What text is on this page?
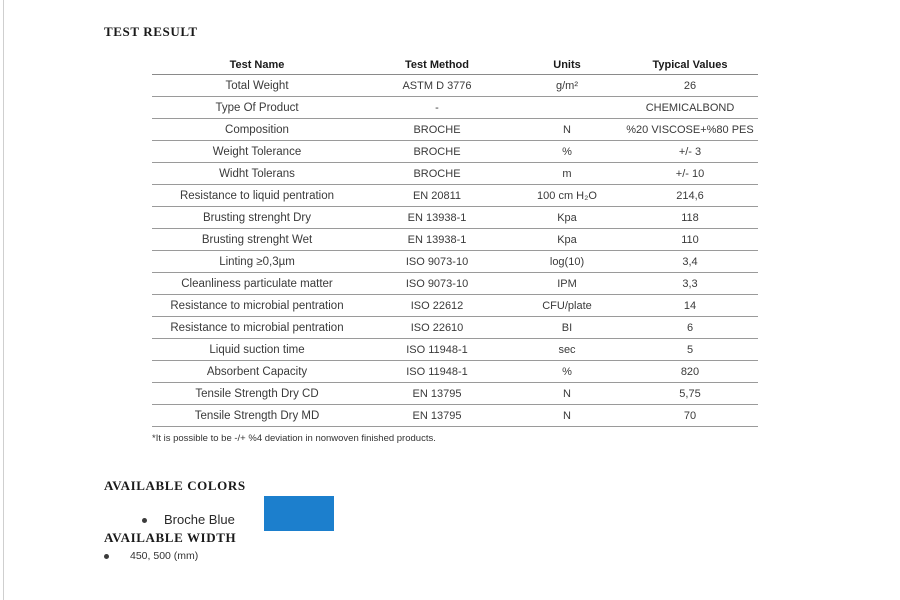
TEST RESULT
Test Name	Test Method	Units	Typical Values
Total Weight	ASTM D 3776	g/m²	26
Type Of Product	-		CHEMICALBOND
Composition	BROCHE	N	%20 VISCOSE+%80 PES
Weight Tolerance	BROCHE	%	+/- 3
Widht Tolerans	BROCHE	m	+/- 10
Resistance to liquid pentration	EN 20811	100 cm H₂O	214,6
Brusting strenght Dry	EN 13938-1	Kpa	118
Brusting strenght Wet	EN 13938-1	Kpa	110
Linting ≥0,3µm	ISO 9073-10	log(10)	3,4
Cleanliness particulate matter	ISO 9073-10	IPM	3,3
Resistance to microbial pentration	ISO 22612	CFU/plate	14
Resistance to microbial pentration	ISO 22610	BI	6
Liquid suction time	ISO 11948-1	sec	5
Absorbent Capacity	ISO 11948-1	%	820
Tensile Strength Dry CD	EN 13795	N	5,75
Tensile Strength Dry MD	EN 13795	N	70
*It is possible to be -/+ %4 deviation in nonwoven finished products.
AVAILABLE COLORS
Broche Blue
AVAILABLE WIDTH
450, 500 (mm)
